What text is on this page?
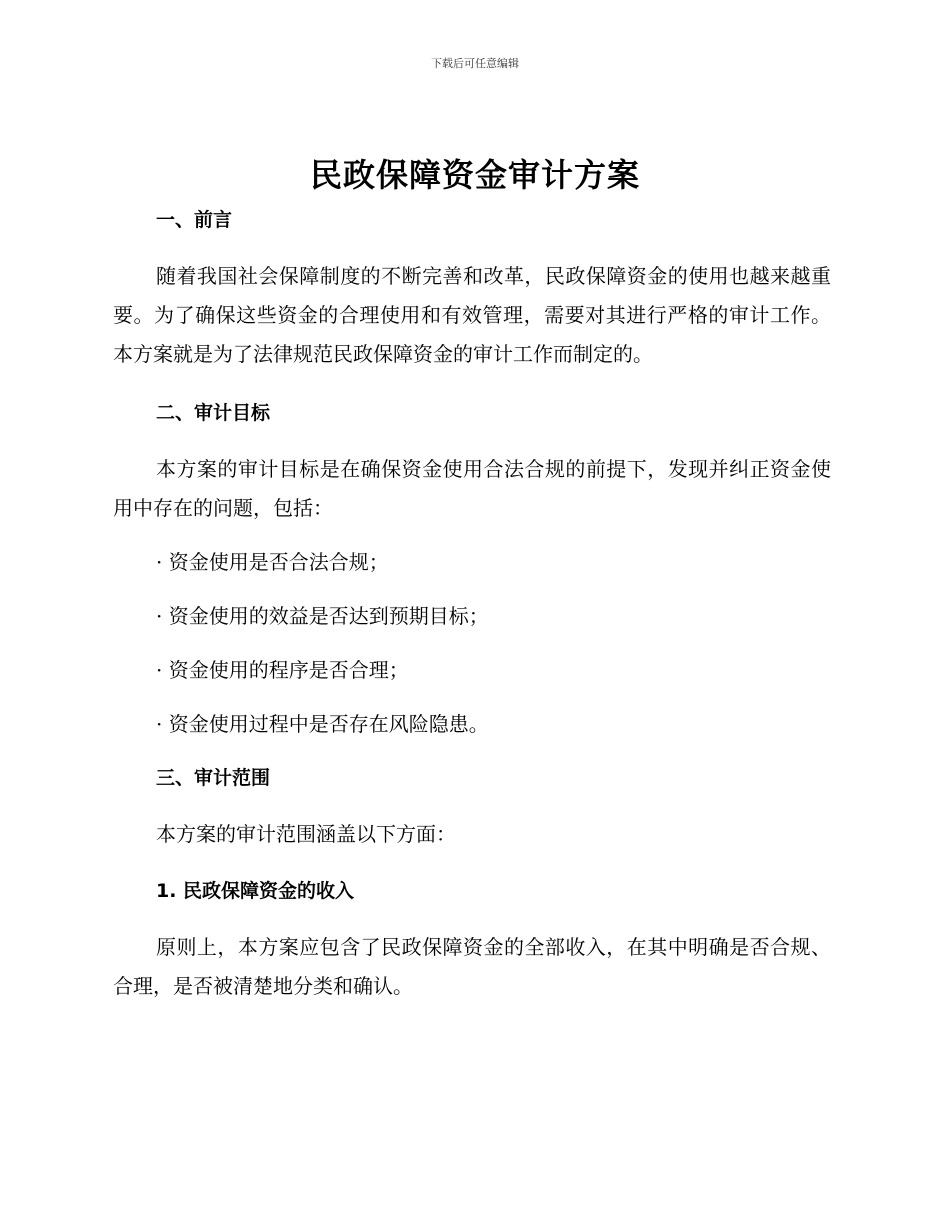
下载后可任意编辑
民政保障资金审计方案
一、前言

随着我国社会保障制度的不断完善和改革，民政保障资金的使用也越来越重要。为了确保这些资金的合理使用和有效管理，需要对其进行严格的审计工作。本方案就是为了法律规范民政保障资金的审计工作而制定的。

二、审计目标

本方案的审计目标是在确保资金使用合法合规的前提下，发现并纠正资金使用中存在的问题，包括：

· 资金使用是否合法合规；
· 资金使用的效益是否达到预期目标；
· 资金使用的程序是否合理；
· 资金使用过程中是否存在风险隐患。
三、审计范围

本方案的审计范围涵盖以下方面：

1. 民政保障资金的收入

原则上，本方案应包含了民政保障资金的全部收入，在其中明确是否合规、合理，是否被清楚地分类和确认。
